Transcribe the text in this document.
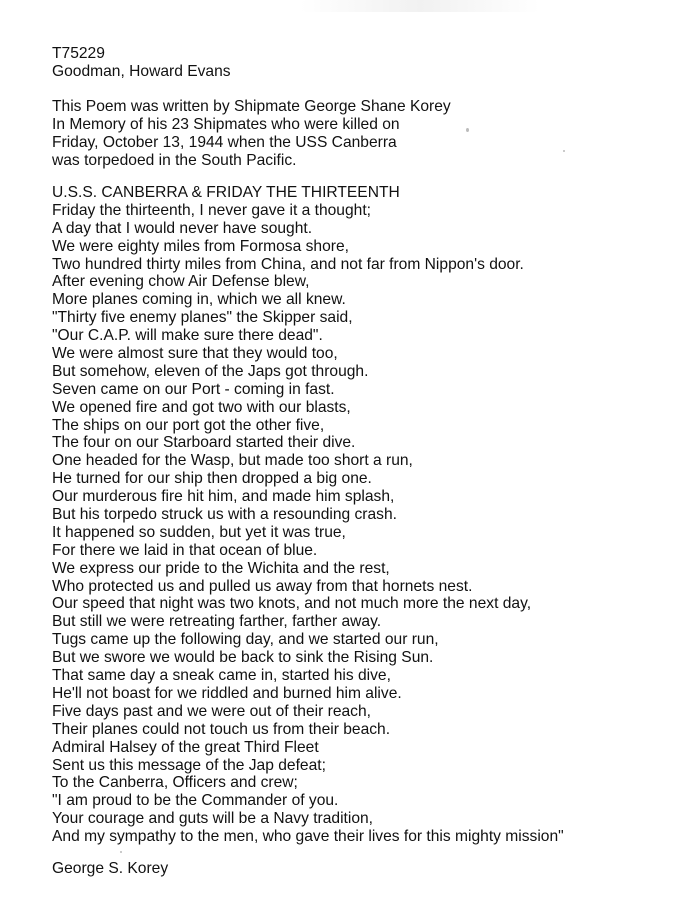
T75229
Goodman, Howard Evans
This Poem was written by Shipmate George Shane Korey
In Memory of his 23 Shipmates who were killed on
Friday, October 13, 1944 when the USS Canberra
was torpedoed in the South Pacific.
U.S.S. CANBERRA & FRIDAY THE THIRTEENTH
Friday the thirteenth, I never gave it a thought;
A day that I would never have sought.
We were eighty miles from Formosa shore,
Two hundred thirty miles from China, and not far from Nippon's door.
After evening chow Air Defense blew,
More planes coming in, which we all knew.
"Thirty five enemy planes" the Skipper said,
"Our C.A.P. will make sure there dead".
We were almost sure that they would too,
But somehow, eleven of the Japs got through.
Seven came on our Port - coming in fast.
We opened fire and got two with our blasts,
The ships on our port got the other five,
The four on our Starboard started their dive.
One headed for the Wasp, but made too short a run,
He turned for our ship then dropped a big one.
Our murderous fire hit him, and made him splash,
But his torpedo struck us with a resounding crash.
It happened so sudden, but yet it was true,
For there we laid in that ocean of blue.
We express our pride to the Wichita and the rest,
Who protected us and pulled us away from that hornets nest.
Our speed that night was two knots, and not much more the next day,
But still we were retreating farther, farther away.
Tugs came up the following day, and we started our run,
But we swore we would be back to sink the Rising Sun.
That same day a sneak came in, started his dive,
He'll not boast for we riddled and burned him alive.
Five days past and we were out of their reach,
Their planes could not touch us from their beach.
Admiral Halsey of the great Third Fleet
Sent us this message of the Jap defeat;
To the Canberra, Officers and crew;
"I am proud to be the Commander of you.
Your courage and guts will be a Navy tradition,
And my sympathy to the men, who gave their lives for this mighty mission"
George S. Korey
